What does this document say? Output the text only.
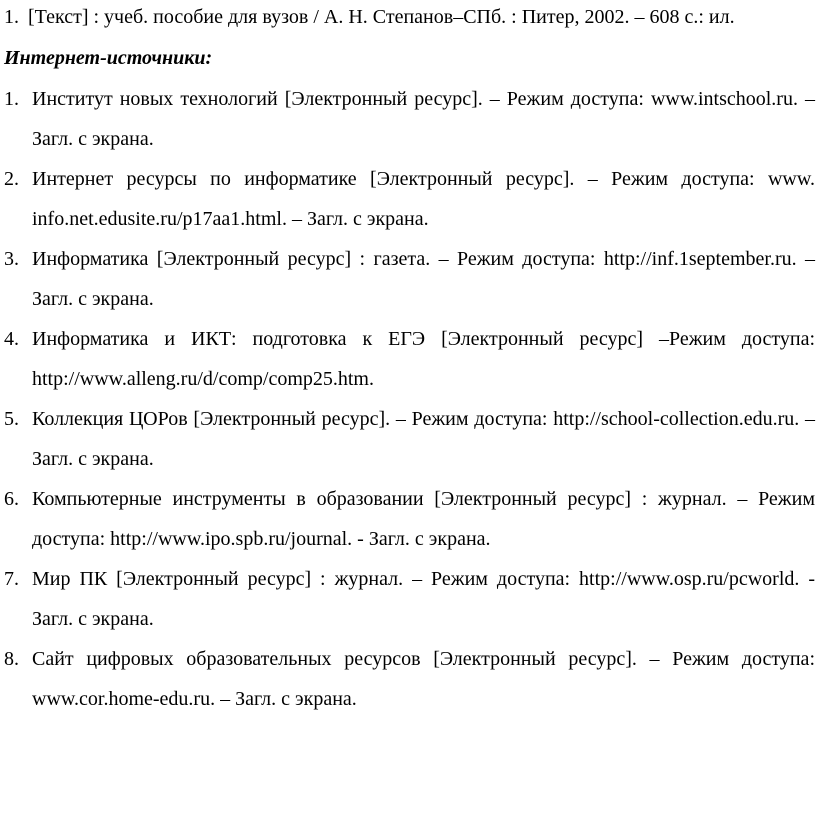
1. [Текст] : учеб. пособие для вузов / А. Н. Степанов–СПб. : Питер, 2002. – 608 с.: ил.
Интернет-источники:
1. Институт новых технологий [Электронный ресурс]. – Режим доступа: www.intschool.ru. – Загл. с экрана.
2. Интернет ресурсы по информатике [Электронный ресурс]. – Режим доступа: www. info.net.edusite.ru/p17aa1.html. – Загл. с экрана.
3. Информатика [Электронный ресурс] : газета. – Режим доступа: http://inf.1september.ru. – Загл. с экрана.
4. Информатика и ИКТ: подготовка к ЕГЭ [Электронный ресурс] –Режим доступа: http://www.alleng.ru/d/comp/comp25.htm.
5. Коллекция ЦОРов [Электронный ресурс]. – Режим доступа: http://school-collection.edu.ru. – Загл. с экрана.
6. Компьютерные инструменты в образовании [Электронный ресурс] : журнал. – Режим доступа: http://www.ipo.spb.ru/journal. - Загл. с экрана.
7. Мир ПК [Электронный ресурс] : журнал. – Режим доступа: http://www.osp.ru/pcworld. - Загл. с экрана.
8. Сайт цифровых образовательных ресурсов [Электронный ресурс]. – Режим доступа: www.cor.home-edu.ru. – Загл. с экрана.
